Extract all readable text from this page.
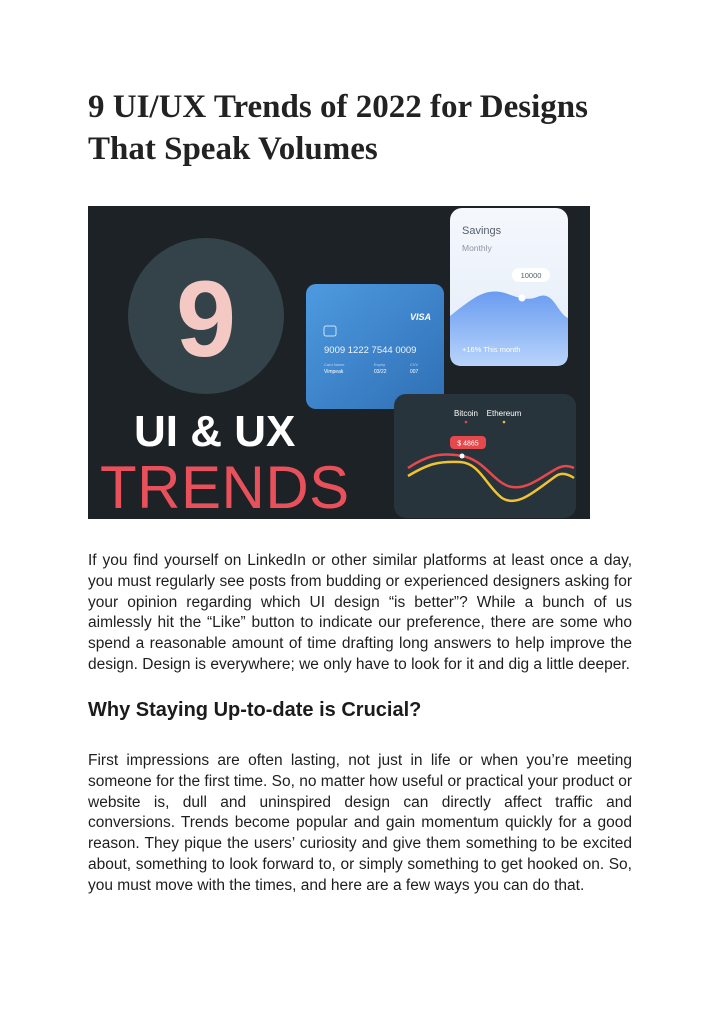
9 UI/UX Trends of 2022 for Designs That Speak Volumes
9
Savings
Monthly
10000
+16% This month
VISA
9009 1222 7544 0009
Card Name
Vimpeak
Expiry
03/22
CVV
007
Bitcoin Ethereum
$ 4865
UI & UX
TRENDS

If you find yourself on LinkedIn or other similar platforms at least once a day, you must regularly see posts from budding or experienced designers asking for your opinion regarding which UI design “is better”? While a bunch of us aimlessly hit the “Like” button to indicate our preference, there are some who spend a reasonable amount of time drafting long answers to help improve the design. Design is everywhere; we only have to look for it and dig a little deeper.

Why Staying Up-to-date is Crucial?

First impressions are often lasting, not just in life or when you’re meeting someone for the first time. So, no matter how useful or practical your product or website is, dull and uninspired design can directly affect traffic and conversions. Trends become popular and gain momentum quickly for a good reason. They pique the users’ curiosity and give them something to be excited about, something to look forward to, or simply something to get hooked on. So, you must move with the times, and here are a few ways you can do that.
